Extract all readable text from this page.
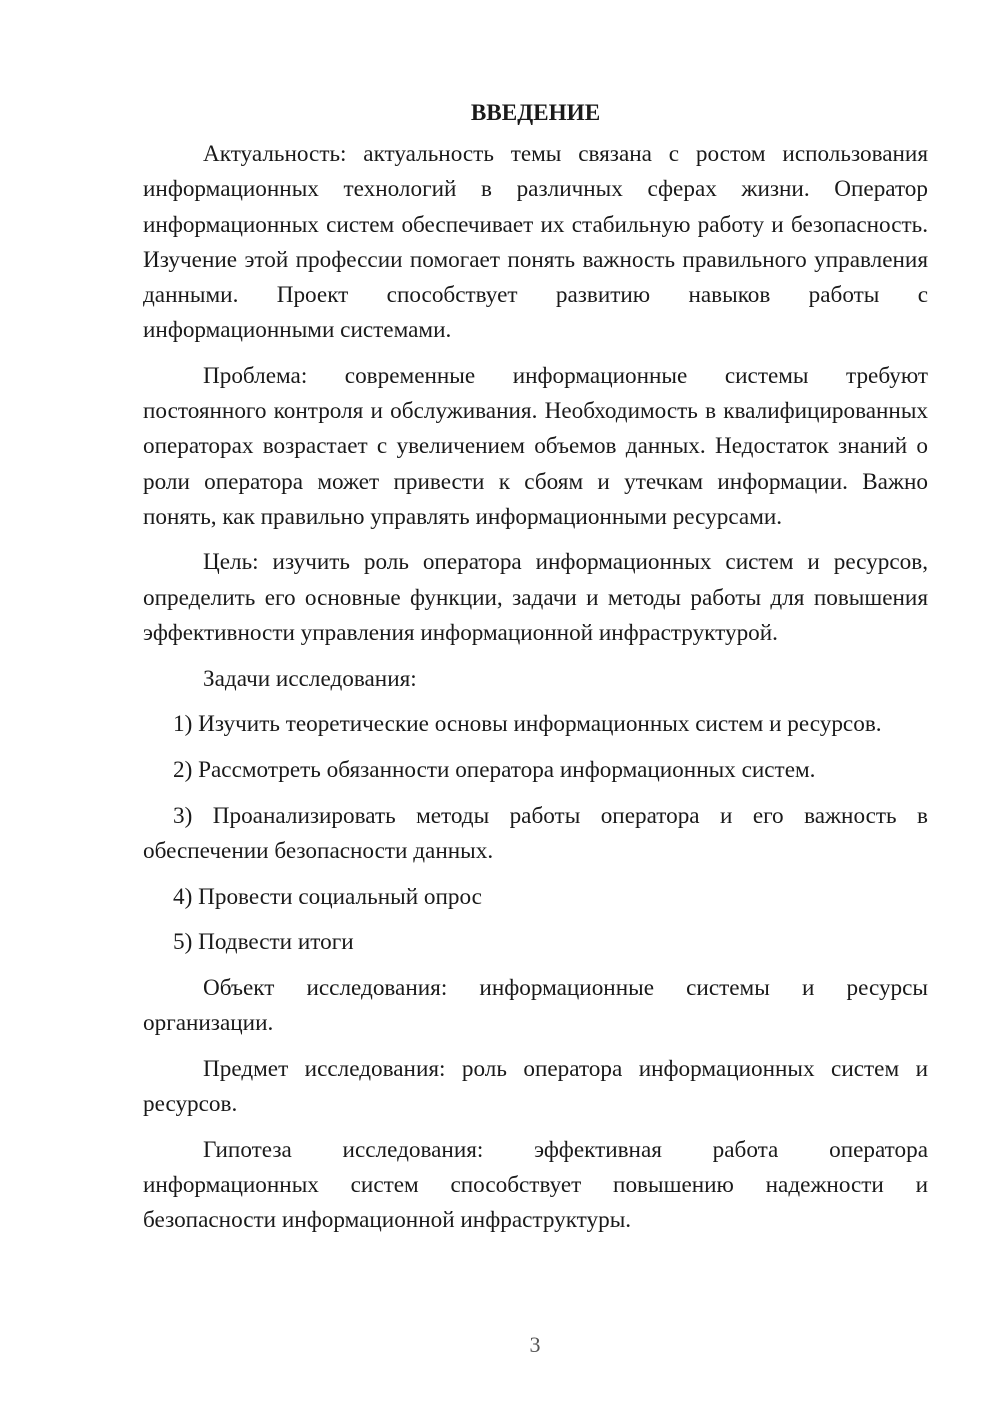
ВВЕДЕНИЕ

Актуальность: актуальность темы связана с ростом использования информационных технологий в различных сферах жизни. Оператор информационных систем обеспечивает их стабильную работу и безопасность. Изучение этой профессии помогает понять важность правильного управления данными. Проект способствует развитию навыков работы с информационными системами.

Проблема: современные информационные системы требуют постоянного контроля и обслуживания. Необходимость в квалифицированных операторах возрастает с увеличением объемов данных. Недостаток знаний о роли оператора может привести к сбоям и утечкам информации. Важно понять, как правильно управлять информационными ресурсами.

Цель: изучить роль оператора информационных систем и ресурсов, определить его основные функции, задачи и методы работы для повышения эффективности управления информационной инфраструктурой.

Задачи исследования:

1) Изучить теоретические основы информационных систем и ресурсов.

2) Рассмотреть обязанности оператора информационных систем.

3) Проанализировать методы работы оператора и его важность в обеспечении безопасности данных.

4) Провести социальный опрос

5) Подвести итоги

Объект исследования: информационные системы и ресурсы организации.

Предмет исследования: роль оператора информационных систем и ресурсов.

Гипотеза исследования: эффективная работа оператора информационных систем способствует повышению надежности и безопасности информационной инфраструктуры.

3
